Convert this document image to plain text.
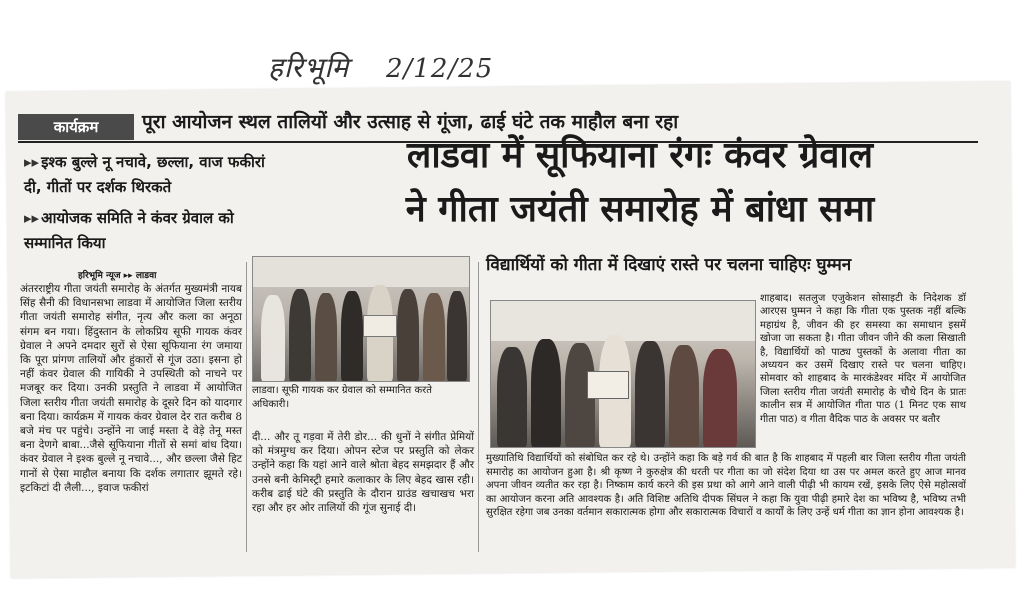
हरिभूमि 2/12/25
कार्यक्रम	पूरा आयोजन स्थल तालियों और उत्साह से गूंजा, ढाई घंटे तक माहौल बना रहा
▸▸ इश्क बुल्ले नू नचावे, छल्ला, वाज फकीरां दी, गीतों पर दर्शक थिरकते
▸▸ आयोजक समिति ने कंवर ग्रेवाल को सम्मानित किया
लाडवा में सूफियाना रंगः कंवर ग्रेवाल
ने गीता जयंती समारोह में बांधा समा
हरिभूमि न्यूज ▸▸ लाडवा
अंतरराष्ट्रीय गीता जयंती समारोह के अंतर्गत मुख्यमंत्री नायब सिंह सैनी की विधानसभा लाडवा में आयोजित जिला स्तरीय गीता जयंती समारोह संगीत, नृत्य और कला का अनूठा संगम बन गया। हिंदुस्तान के लोकप्रिय सूफी गायक कंवर ग्रेवाल ने अपने दमदार सुरों से ऐसा सूफियाना रंग जमाया कि पूरा प्रांगण तालियों और हुंकारों से गूंज उठा। इसना हो नहीं कंवर ग्रेवाल की गायिकी ने उपस्थिती को नाचने पर मजबूर कर दिया। उनकी प्रस्तुति ने लाडवा में आयोजित जिला स्तरीय गीता जयंती समारोह के दूसरे दिन को यादगार बना दिया। कार्यक्रम में गायक कंवर ग्रेवाल देर रात करीब 8 बजे मंच पर पहुंचे। उन्होंने ना जाई मस्ता दे वेड़े तेनू मस्त बना देणगे बाबा...जैसे सूफियाना गीतों से समां बांध दिया। कंवर ग्रेवाल ने इश्क बुल्ले नू नचावे..., और छल्ला जैसे हिट गानों से ऐसा माहौल बनाया कि दर्शक लगातार झूमते रहे। इटकिटां दी लैली..., इवाज फकीरां
लाडवा। सूफी गायक कर ग्रेवाल को सम्मानित करते अधिकारी।
दी... और तू गड़वा में तेरी डोर... की धुनों ने संगीत प्रेमियों को मंत्रमुग्ध कर दिया। ओपन स्टेज पर प्रस्तुति को लेकर उन्होंने कहा कि यहां आने वाले श्रोता बेहद समझदार हैं और उनसे बनी केमिस्ट्री हमारे कलाकार के लिए बेहद खास रही। करीब ढाई घंटे की प्रस्तुति के दौरान ग्राउंड खचाखच भरा रहा और हर ओर तालियों की गूंज सुनाई दी।
विद्यार्थियों को गीता में दिखाएं रास्ते पर चलना चाहिएः घुम्मन
शाहबाद। सतलुज एजुकेशन सोसाइटी के निदेशक डॉ आरएस घुम्मन ने कहा कि गीता एक पुस्तक नहीं बल्कि महाग्रंथ है, जीवन की हर समस्या का समाधान इसमें खोजा जा सकता है। गीता जीवन जीने की कला सिखाती है, विद्यार्थियों को पाठ्य पुस्तकों के अलावा गीता का अध्ययन कर उसमें दिखाए रास्ते पर चलना चाहिए। सोमवार को शाहबाद के मारकंडेश्वर मंदिर में आयोजित जिला स्तरीय गीता जयंती समारोह के चौथे दिन के प्रातः कालीन सत्र में आयोजित गीता पाठ (1 मिनट एक साथ गीता पाठ) व गीता वैदिक पाठ के अवसर पर बतौर
मुख्यातिथि विद्यार्थियों को संबोधित कर रहे थे। उन्होंने कहा कि बड़े गर्व की बात है कि शाहबाद में पहली बार जिला स्तरीय गीता जयंती समारोह का आयोजन हुआ है। श्री कृष्ण ने कुरुक्षेत्र की धरती पर गीता का जो संदेश दिया था उस पर अमल करते हुए आज मानव अपना जीवन व्यतीत कर रहा है। निष्काम कार्य करने की इस प्रथा को आगे आने वाली पीढ़ी भी कायम रखें, इसके लिए ऐसे महोत्सवों का आयोजन करना अति आवश्यक है। अति विशिष्ट अतिथि दीपक सिंघल ने कहा कि युवा पीढ़ी हमारे देश का भविष्य है, भविष्य तभी सुरक्षित रहेगा जब उनका वर्तमान सकारात्मक होगा और सकारात्मक विचारों व कार्यों के लिए उन्हें धर्म गीता का ज्ञान होना आवश्यक है।
